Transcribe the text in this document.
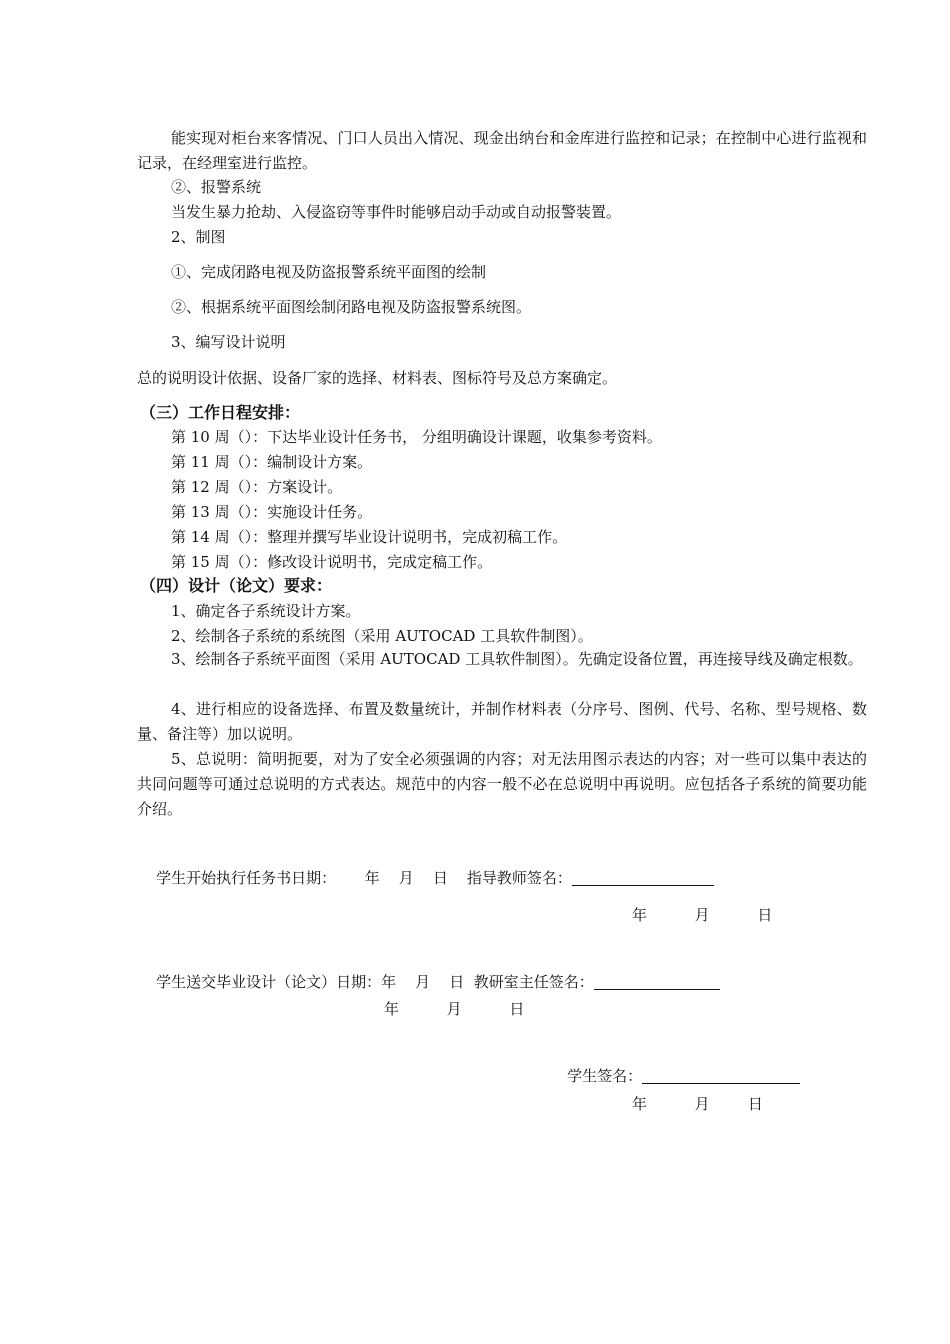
能实现对柜台来客情况、门口人员出入情况、现金出纳台和金库进行监控和记录；在控制中心进行监视和记录，在经理室进行监控。
②、报警系统
当发生暴力抢劫、入侵盗窃等事件时能够启动手动或自动报警装置。
2、制图
①、完成闭路电视及防盗报警系统平面图的绘制
②、根据系统平面图绘制闭路电视及防盗报警系统图。
3、编写设计说明
总的说明设计依据、设备厂家的选择、材料表、图标符号及总方案确定。
（三）工作日程安排：
第 10 周（）：下达毕业设计任务书， 分组明确设计课题，收集参考资料。
第 11 周（）：编制设计方案。
第 12 周（）：方案设计。
第 13 周（）：实施设计任务。
第 14 周（）：整理并撰写毕业设计说明书，完成初稿工作。
第 15 周（）：修改设计说明书，完成定稿工作。
（四）设计（论文）要求：
1、确定各子系统设计方案。
2、绘制各子系统的系统图（采用 AUTOCAD 工具软件制图）。
3、绘制各子系统平面图（采用 AUTOCAD 工具软件制图）。先确定设备位置，再连接导线及确定根数。
4、进行相应的设备选择、布置及数量统计，并制作材料表（分序号、图例、代号、名称、型号规格、数量、备注等）加以说明。
5、总说明：简明扼要，对为了安全必须强调的内容；对无法用图示表达的内容；对一些可以集中表达的共同问题等可通过总说明的方式表达。规范中的内容一般不必在总说明中再说明。应包括各子系统的简要功能介绍。

学生开始执行任务书日期：      年    月    日    指导教师签名：

年          月          日

学生送交毕业设计（论文）日期：年    月    日  教研室主任签名：

年          月          日

学生签名：

年          月        日
